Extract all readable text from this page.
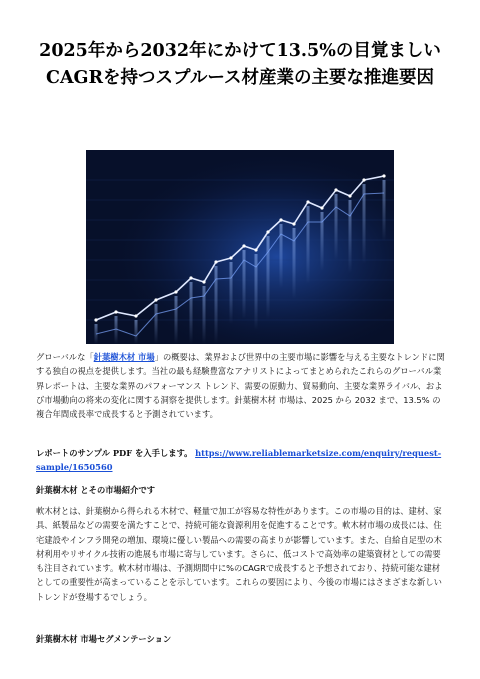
2025年から2032年にかけて13.5%の目覚ましいCAGRを持つスプルース材産業の主要な推進要因
グローバルな「針葉樹木材 市場」の概要は、業界および世界中の主要市場に影響を与える主要なトレンドに関する独自の視点を提供します。当社の最も経験豊富なアナリストによってまとめられたこれらのグローバル業界レポートは、主要な業界のパフォーマンス トレンド、需要の原動力、貿易動向、主要な業界ライバル、および市場動向の将来の変化に関する洞察を提供します。針葉樹木材 市場は、2025 から 2032 まで、13.5% の複合年間成長率で成長すると予測されています。
レポートのサンプル PDF を入手します。 https://www.reliablemarketsize.com/enquiry/request-sample/1650560
針葉樹木材 とその市場紹介です
軟木材とは、針葉樹から得られる木材で、軽量で加工が容易な特性があります。この市場の目的は、建材、家具、紙製品などの需要を満たすことで、持続可能な資源利用を促進することです。軟木材市場の成長には、住宅建設やインフラ開発の増加、環境に優しい製品への需要の高まりが影響しています。また、自給自足型の木材利用やリサイクル技術の進展も市場に寄与しています。さらに、低コストで高効率の建築資材としての需要も注目されています。軟木材市場は、予測期間中に%のCAGRで成長すると予想されており、持続可能な建材としての重要性が高まっていることを示しています。これらの要因により、今後の市場にはさまざまな新しいトレンドが登場するでしょう。
針葉樹木材 市場セグメンテーション
